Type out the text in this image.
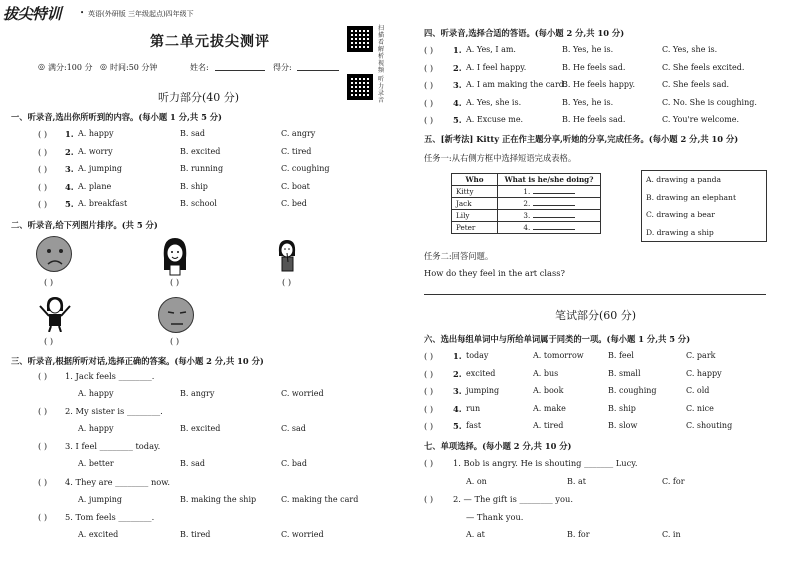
拔尖特训	• 英语(外研版 三年级起点)四年级下
第二单元拔尖测评
扫描看解析视频
听力录音
◎ 满分:100 分 ◎ 时间:50 分钟	姓名:	得分:
听力部分(40 分)
一、听录音,选出你所听到的内容。(每小题 1 分,共 5 分)
( ) 1. A. happy	B. sad	C. angry
( ) 2. A. worry	B. excited	C. tired
( ) 3. A. jumping	B. running	C. coughing
( ) 4. A. plane	B. ship	C. boat
( ) 5. A. breakfast	B. school	C. bed
二、听录音,给下列图片排序。(共 5 分)
( )	( )	( )
( )	( )
三、听录音,根据所听对话,选择正确的答案。(每小题 2 分,共 10 分)
( ) 1. Jack feels ________.
A. happy	B. angry	C. worried
( ) 2. My sister is ________.
A. happy	B. excited	C. sad
( ) 3. I feel ________ today.
A. better	B. sad	C. bad
( ) 4. They are ________ now.
A. jumping	B. making the ship	C. making the card
( ) 5. Tom feels ________.
A. excited	B. tired	C. worried
四、听录音,选择合适的答语。(每小题 2 分,共 10 分)
( ) 1. A. Yes, I am.	B. Yes, he is.	C. Yes, she is.
( ) 2. A. I feel happy.	B. He feels sad.	C. She feels excited.
( ) 3. A. I am making the card.
B. He feels happy.	C. She feels sad.
( ) 4. A. Yes, she is.	B. Yes, he is.	C. No. She is coughing.
( ) 5. A. Excuse me.	B. He feels sad.	C. You're welcome.
五、[新考法] Kitty 正在作主题分享,听她的分享,完成任务。(每小题 2 分,共 10 分)
任务一:从右侧方框中选择短语完成表格。
Who	What is he/she doing?
Kitty	1.
Jack	2.
Lily	3.
Peter	4.
A. drawing a panda
B. drawing an elephant
C. drawing a bear
D. drawing a ship
任务二:回答问题。
How do they feel in the art class?
笔试部分(60 分)
六、选出每组单词中与所给单词属于同类的一项。(每小题 1 分,共 5 分)
( ) 1. today	A. tomorrow	B. feel	C. park
( ) 2. excited	A. bus	B. small	C. happy
( ) 3. jumping	A. book	B. coughing	C. old
( ) 4. run	A. make	B. ship	C. nice
( ) 5. fast	A. tired	B. slow	C. shouting
七、单项选择。(每小题 2 分,共 10 分)
( ) 1. Bob is angry. He is shouting _______ Lucy.
A. on	B. at	C. for
( ) 2. — The gift is ________ you.
— Thank you.
A. at	B. for	C. in
